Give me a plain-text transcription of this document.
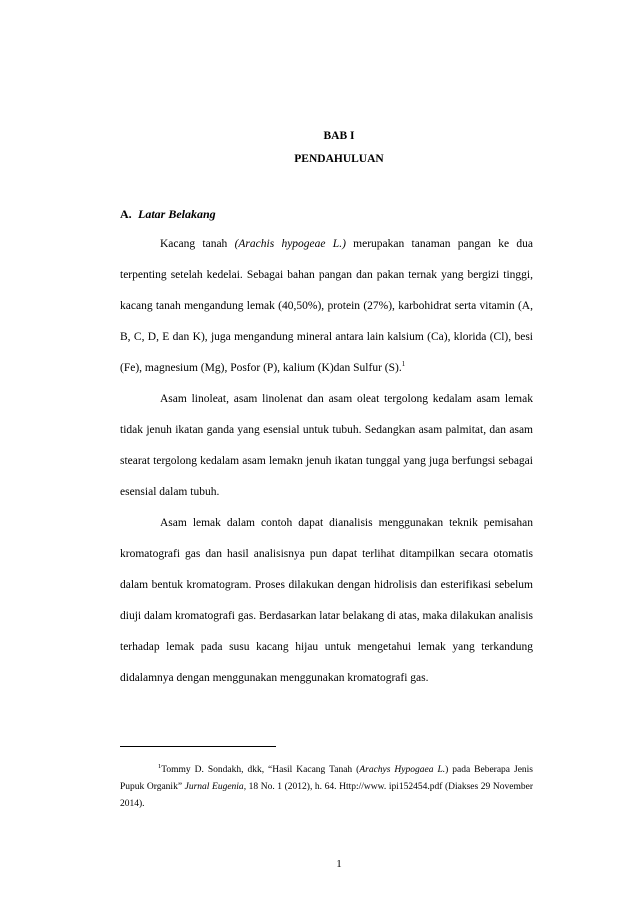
BAB I
PENDAHULUAN
A. Latar Belakang

Kacang tanah (Arachis hypogeae L.) merupakan tanaman pangan ke dua terpenting setelah kedelai. Sebagai bahan pangan dan pakan ternak yang bergizi tinggi, kacang tanah mengandung lemak (40,50%), protein (27%), karbohidrat serta vitamin (A, B, C, D, E dan K), juga mengandung mineral antara lain kalsium (Ca), klorida (Cl), besi (Fe), magnesium (Mg), Posfor (P), kalium (K)dan Sulfur (S).$^1$

Asam linoleat, asam linolenat dan asam oleat tergolong kedalam asam lemak tidak jenuh ikatan ganda yang esensial untuk tubuh. Sedangkan asam palmitat, dan asam stearat tergolong kedalam asam lemakn jenuh ikatan tunggal yang juga berfungsi sebagai esensial dalam tubuh.

Asam lemak dalam contoh dapat dianalisis menggunakan teknik pemisahan kromatografi gas dan hasil analisisnya pun dapat terlihat ditampilkan secara otomatis dalam bentuk kromatogram. Proses dilakukan dengan hidrolisis dan esterifikasi sebelum diuji dalam kromatografi gas. Berdasarkan latar belakang di atas, maka dilakukan analisis terhadap lemak pada susu kacang hijau untuk mengetahui lemak yang terkandung didalamnya dengan menggunakan menggunakan kromatografi gas.

$^1$Tommy D. Sondakh, dkk, “Hasil Kacang Tanah (Arachys Hypogaea L.) pada Beberapa Jenis Pupuk Organik” Jurnal Eugenia, 18 No. 1 (2012), h. 64. Http://www. ipi152454.pdf (Diakses 29 November 2014).
1
